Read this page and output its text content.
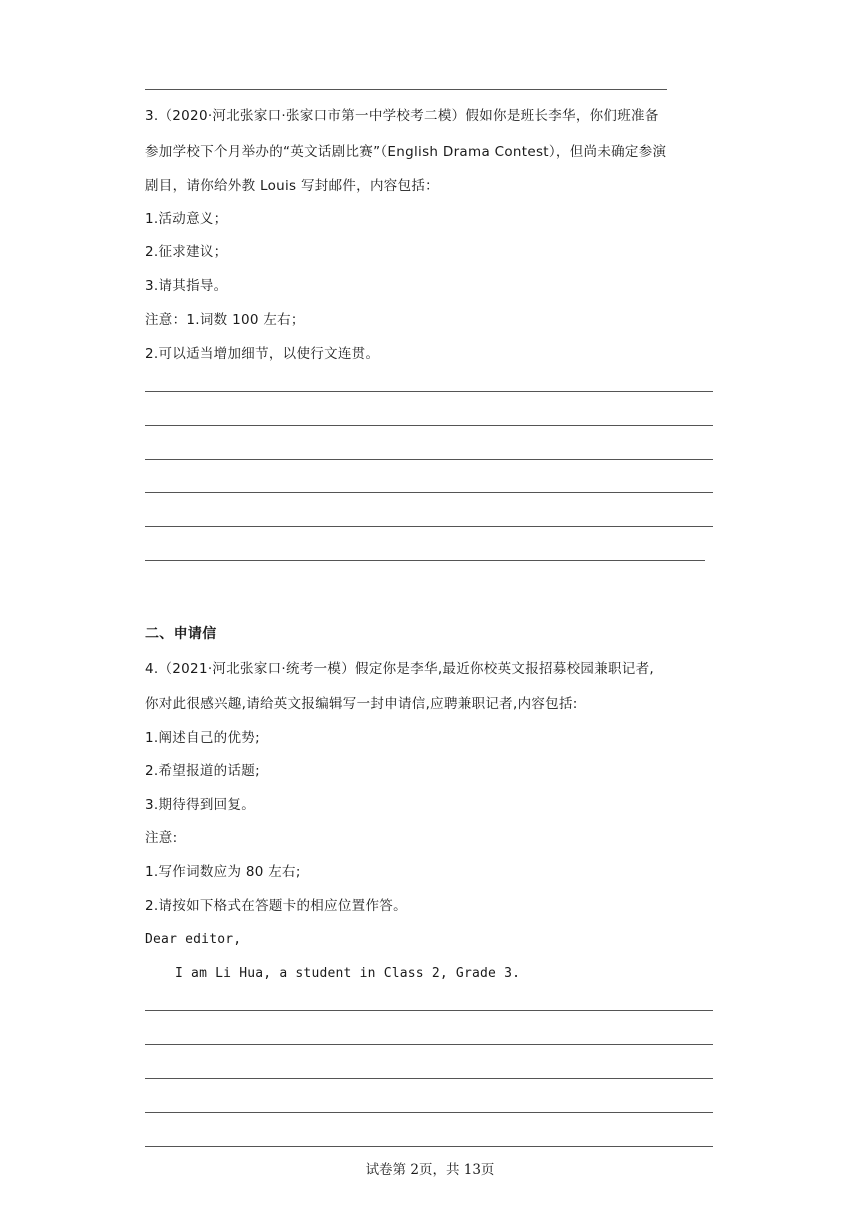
3.（2020·河北张家口·张家口市第一中学校考二模）假如你是班长李华，你们班准备
参加学校下个月举办的“英文话剧比赛”（English Drama Contest），但尚未确定参演
剧目，请你给外教 Louis 写封邮件，内容包括：
1.活动意义；
2.征求建议；
3.请其指导。
注意：1.词数 100 左右；
2.可以适当增加细节，以使行文连贯。
二、申请信
4.（2021·河北张家口·统考一模）假定你是李华,最近你校英文报招募校园兼职记者,
你对此很感兴趣,请给英文报编辑写一封申请信,应聘兼职记者,内容包括:
1.阐述自己的优势;
2.希望报道的话题;
3.期待得到回复。
注意:
1.写作词数应为 80 左右;
2.请按如下格式在答题卡的相应位置作答。
Dear editor,
I am Li Hua, a student in Class 2, Grade 3.
试卷第 2页，共 13页
